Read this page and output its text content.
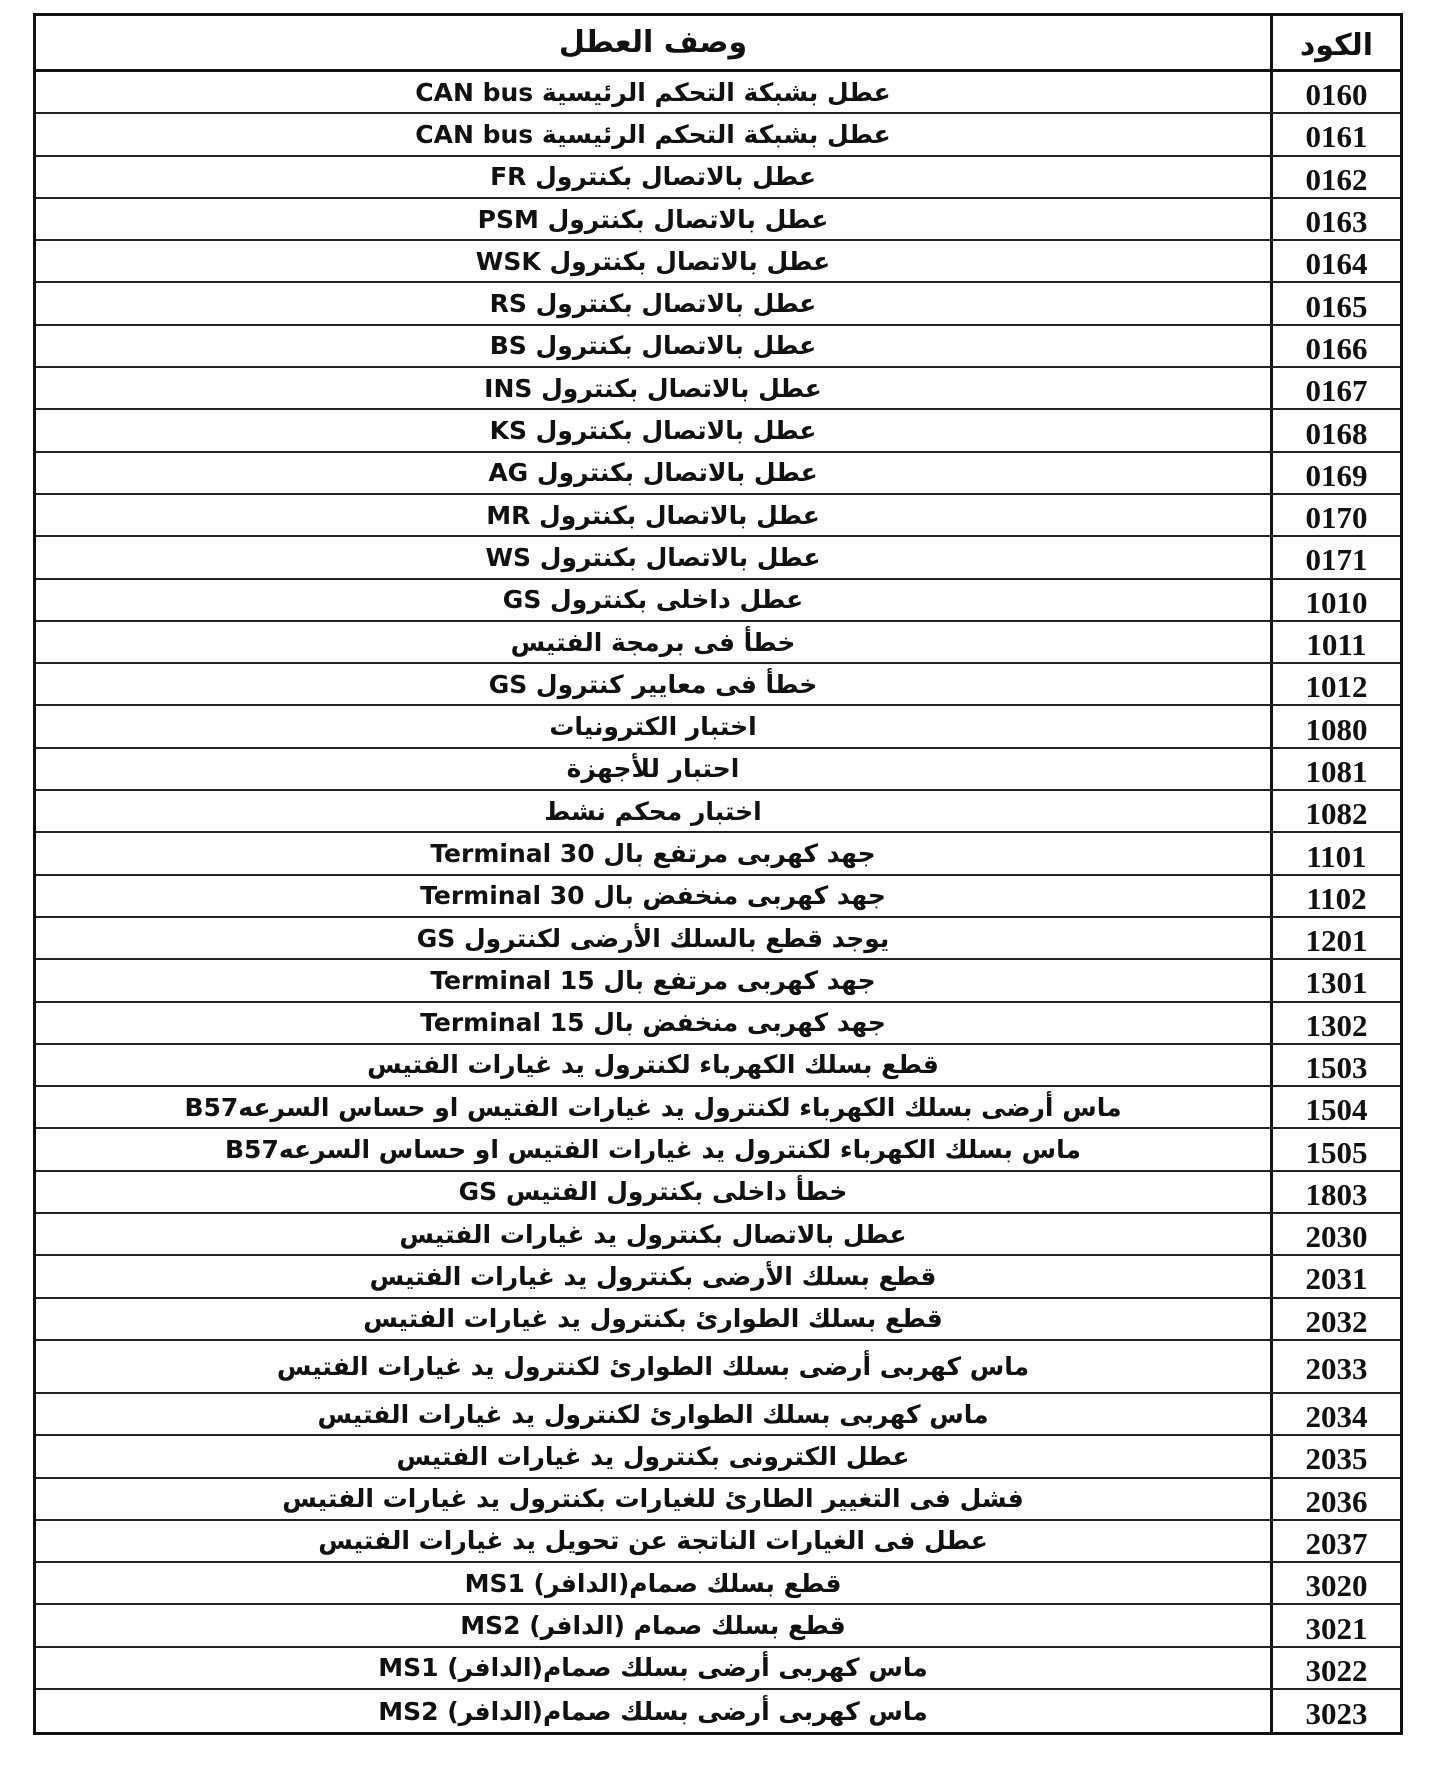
الكود
وصف العطل
0160
عطل بشبكة التحكم الرئيسية CAN bus
0161
عطل بشبكة التحكم الرئيسية CAN bus
0162
عطل بالاتصال بكنترول FR
0163
عطل بالاتصال بكنترول PSM
0164
عطل بالاتصال بكنترول WSK
0165
عطل بالاتصال بكنترول RS
0166
عطل بالاتصال بكنترول BS
0167
عطل بالاتصال بكنترول INS
0168
عطل بالاتصال بكنترول KS
0169
عطل بالاتصال بكنترول AG
0170
عطل بالاتصال بكنترول MR
0171
عطل بالاتصال بكنترول WS
1010
عطل داخلى بكنترول GS
1011
خطأ فى برمجة الفتيس
1012
خطأ فى معايير كنترول GS
1080
اختبار الكترونيات
1081
احتبار للأجهزة
1082
اختبار محكم نشط
1101
جهد كهربى مرتفع بال Terminal 30
1102
جهد كهربى منخفض بال Terminal 30
1201
يوجد قطع بالسلك الأرضى لكنترول GS
1301
جهد كهربى مرتفع بال Terminal 15
1302
جهد كهربى منخفض بال Terminal 15
1503
قطع بسلك الكهرباء لكنترول يد غيارات الفتيس
1504
ماس أرضى بسلك الكهرباء لكنترول يد غيارات الفتيس او حساس السرعهB57
1505
ماس بسلك الكهرباء لكنترول يد غيارات الفتيس او حساس السرعهB57
1803
خطأ داخلى بكنترول الفتيس GS
2030
عطل بالاتصال بكنترول يد غيارات الفتيس
2031
قطع بسلك الأرضى بكنترول يد غيارات الفتيس
2032
قطع بسلك الطوارئ بكنترول يد غيارات الفتيس
2033
ماس كهربى أرضى بسلك الطوارئ لكنترول يد غيارات الفتيس
2034
ماس كهربى بسلك الطوارئ لكنترول يد غيارات الفتيس
2035
عطل الكترونى بكنترول يد غيارات الفتيس
2036
فشل فى التغيير الطارئ للغيارات بكنترول يد غيارات الفتيس
2037
عطل فى الغيارات الناتجة عن تحويل يد غيارات الفتيس
3020
قطع بسلك صمام(الدافر) MS1
3021
قطع بسلك صمام (الدافر) MS2
3022
ماس كهربى أرضى بسلك صمام(الدافر) MS1
3023
ماس كهربى أرضى بسلك صمام(الدافر) MS2
